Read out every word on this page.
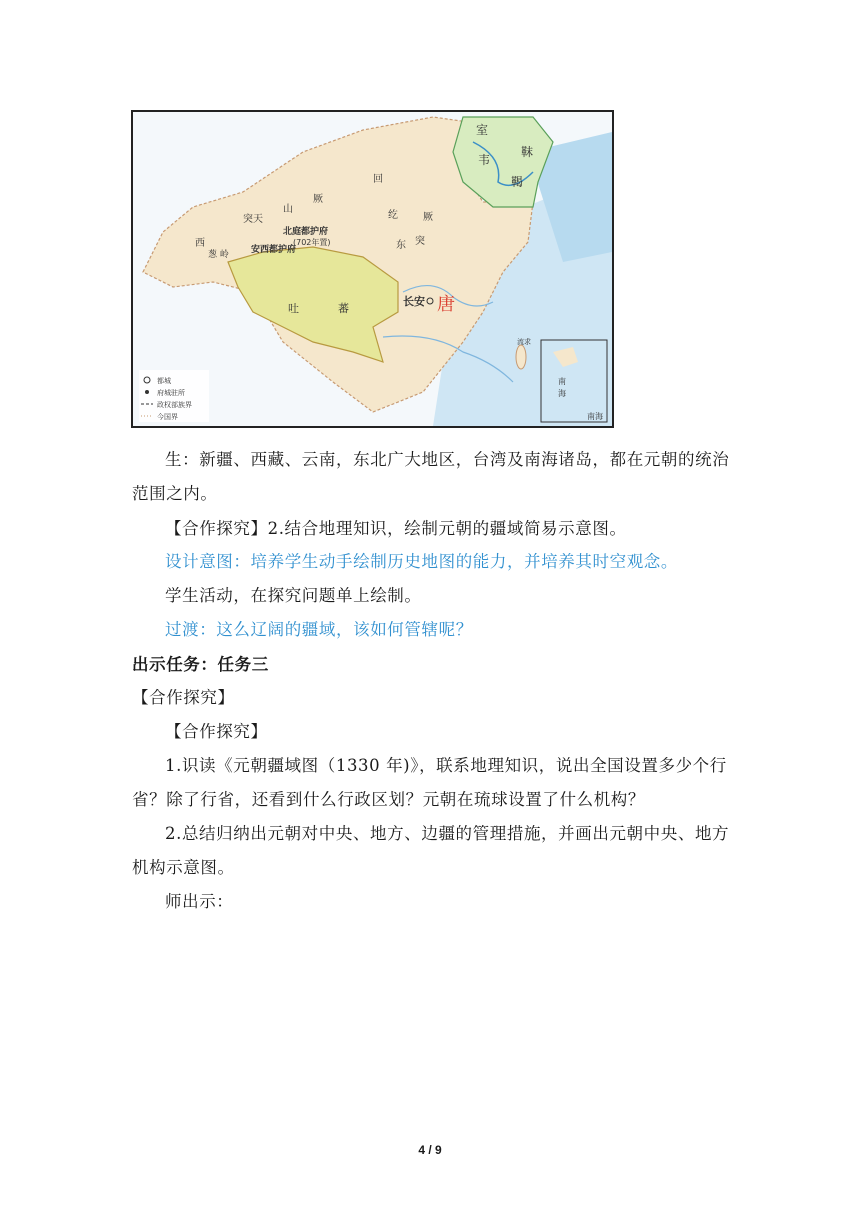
室
韦
靺
鞨
回
纥	厥
东 突
西
突天
山
厥
葱 岭
北庭都护府
(702年置)
安西都护府
吐	蕃
长安 唐
流求
南
海
南海
都城
府城驻所
政权部族界
今国界
生：新疆、西藏、云南，东北广大地区，台湾及南海诸岛，都在元朝的统治
范围之内。
【合作探究】2.结合地理知识，绘制元朝的疆域简易示意图。
设计意图：培养学生动手绘制历史地图的能力，并培养其时空观念。
学生活动，在探究问题单上绘制。
过渡：这么辽阔的疆域，该如何管辖呢？
出示任务：任务三
【合作探究】
【合作探究】
1.识读《元朝疆域图（1330 年)》，联系地理知识，说出全国设置多少个行
省？除了行省，还看到什么行政区划？元朝在琉球设置了什么机构？
2.总结归纳出元朝对中央、地方、边疆的管理措施，并画出元朝中央、地方
机构示意图。
师出示：
4 / 9
